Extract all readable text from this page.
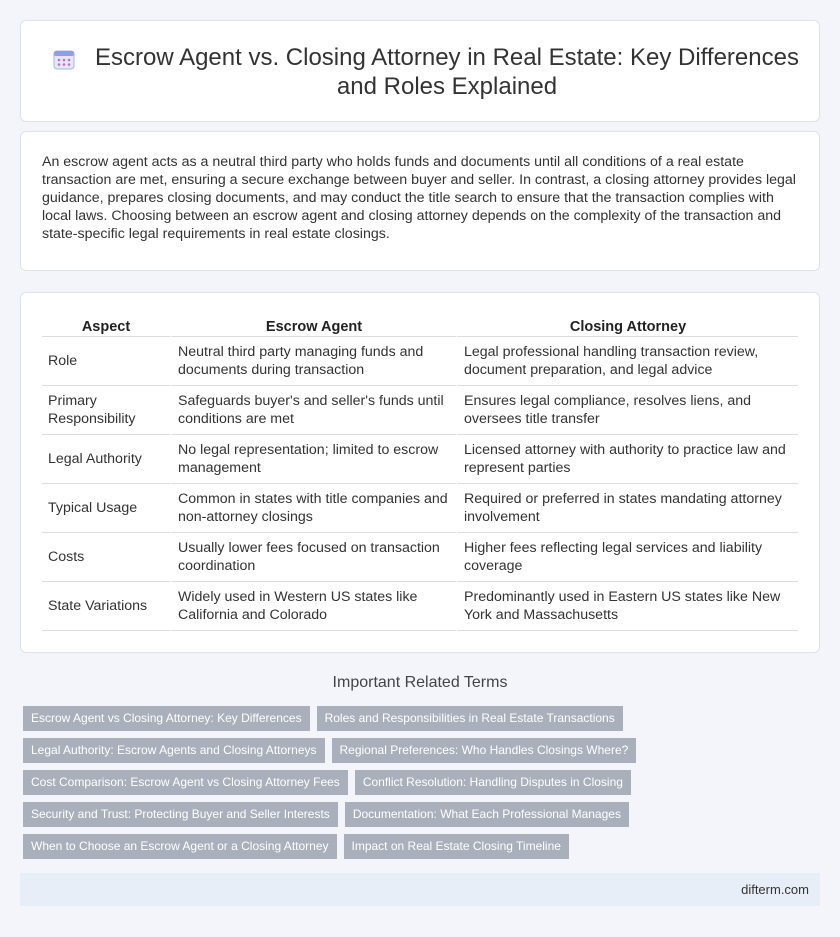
Escrow Agent vs. Closing Attorney in Real Estate: Key Differences and Roles Explained

An escrow agent acts as a neutral third party who holds funds and documents until all conditions of a real estate transaction are met, ensuring a secure exchange between buyer and seller. In contrast, a closing attorney provides legal guidance, prepares closing documents, and may conduct the title search to ensure that the transaction complies with local laws. Choosing between an escrow agent and closing attorney depends on the complexity of the transaction and state-specific legal requirements in real estate closings.

Aspect	Escrow Agent	Closing Attorney
Role	Neutral third party managing funds and documents during transaction	Legal professional handling transaction review, document preparation, and legal advice
Primary Responsibility	Safeguards buyer's and seller's funds until conditions are met	Ensures legal compliance, resolves liens, and oversees title transfer
Legal Authority	No legal representation; limited to escrow management	Licensed attorney with authority to practice law and represent parties
Typical Usage	Common in states with title companies and non-attorney closings	Required or preferred in states mandating attorney involvement
Costs	Usually lower fees focused on transaction coordination	Higher fees reflecting legal services and liability coverage
State Variations	Widely used in Western US states like California and Colorado	Predominantly used in Eastern US states like New York and Massachusetts
Important Related Terms
Escrow Agent vs Closing Attorney: Key Differences	Roles and Responsibilities in Real Estate Transactions
Legal Authority: Escrow Agents and Closing Attorneys	Regional Preferences: Who Handles Closings Where?
Cost Comparison: Escrow Agent vs Closing Attorney Fees	Conflict Resolution: Handling Disputes in Closing
Security and Trust: Protecting Buyer and Seller Interests	Documentation: What Each Professional Manages
When to Choose an Escrow Agent or a Closing Attorney	Impact on Real Estate Closing Timeline
difterm.com
